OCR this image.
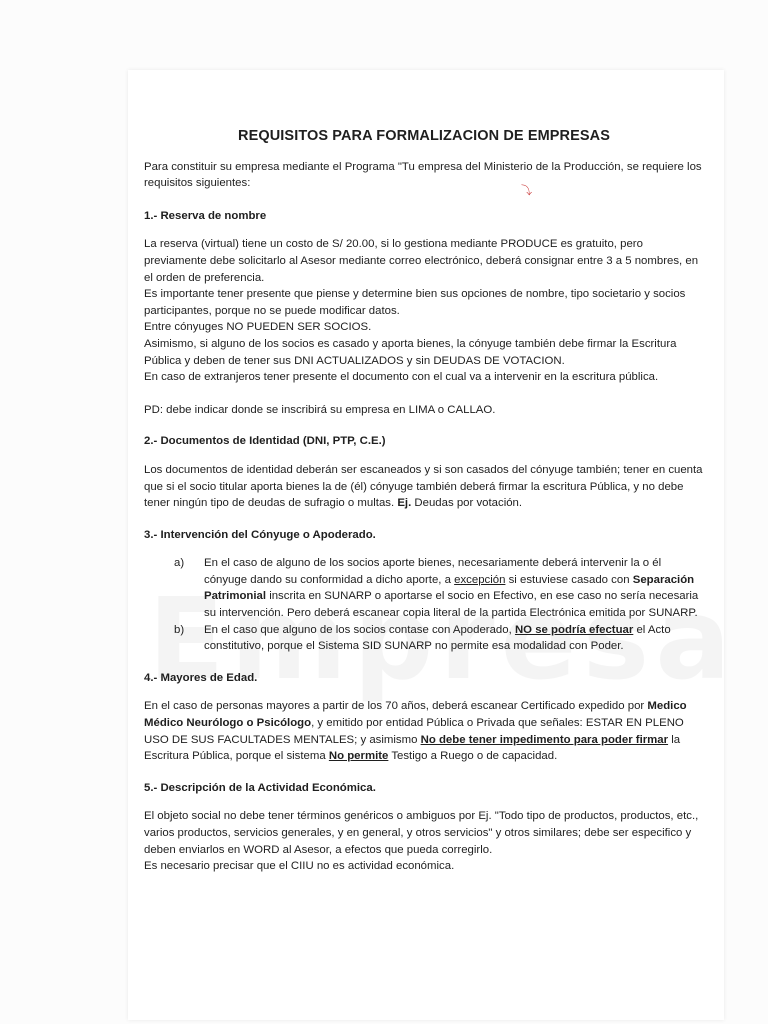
⤵
REQUISITOS PARA FORMALIZACION DE EMPRESAS

Para constituir su empresa mediante el Programa "Tu empresa del Ministerio de la Producción, se requiere los requisitos siguientes:

1.- Reserva de nombre

La reserva (virtual) tiene un costo de S/ 20.00, si lo gestiona mediante PRODUCE es gratuito, pero previamente debe solicitarlo al Asesor mediante correo electrónico, deberá consignar entre 3 a 5 nombres, en el orden de preferencia.

Es importante tener presente que piense y determine bien sus opciones de nombre, tipo societario y socios participantes, porque no se puede modificar datos.

Entre cónyuges NO PUEDEN SER SOCIOS.

Asimismo, si alguno de los socios es casado y aporta bienes, la cónyuge también debe firmar la Escritura Pública y deben de tener sus DNI ACTUALIZADOS y sin DEUDAS DE VOTACION.

En caso de extranjeros tener presente el documento con el cual va a intervenir en la escritura pública.

PD: debe indicar donde se inscribirá su empresa en LIMA o CALLAO.

2.- Documentos de Identidad (DNI, PTP, C.E.)

Los documentos de identidad deberán ser escaneados y si son casados del cónyuge también; tener en cuenta que si el socio titular aporta bienes la de (él) cónyuge también deberá firmar la escritura Pública, y no debe tener ningún tipo de deudas de sufragio o multas. Ej. Deudas por votación.

3.- Intervención del Cónyuge o Apoderado.
a) En el caso de alguno de los socios aporte bienes, necesariamente deberá intervenir la o él cónyuge dando su conformidad a dicho aporte, a excepción si estuviese casado con Separación Patrimonial inscrita en SUNARP o aportarse el socio en Efectivo, en ese caso no sería necesaria su intervención. Pero deberá escanear copia literal de la partida Electrónica emitida por SUNARP.
b) En el caso que alguno de los socios contase con Apoderado, NO se podría efectuar el Acto constitutivo, porque el Sistema SID SUNARP no permite esa modalidad con Poder.
4.- Mayores de Edad.

En el caso de personas mayores a partir de los 70 años, deberá escanear Certificado expedido por Medico Médico Neurólogo o Psicólogo, y emitido por entidad Pública o Privada que señales: ESTAR EN PLENO USO DE SUS FACULTADES MENTALES; y asimismo No debe tener impedimento para poder firmar la Escritura Pública, porque el sistema No permite Testigo a Ruego o de capacidad.

5.- Descripción de la Actividad Económica.

El objeto social no debe tener términos genéricos o ambiguos por Ej. "Todo tipo de productos, productos, etc., varios productos, servicios generales, y en general, y otros servicios" y otros similares; debe ser especifico y deben enviarlos en WORD al Asesor, a efectos que pueda corregirlo.

Es necesario precisar que el CIIU no es actividad económica.
